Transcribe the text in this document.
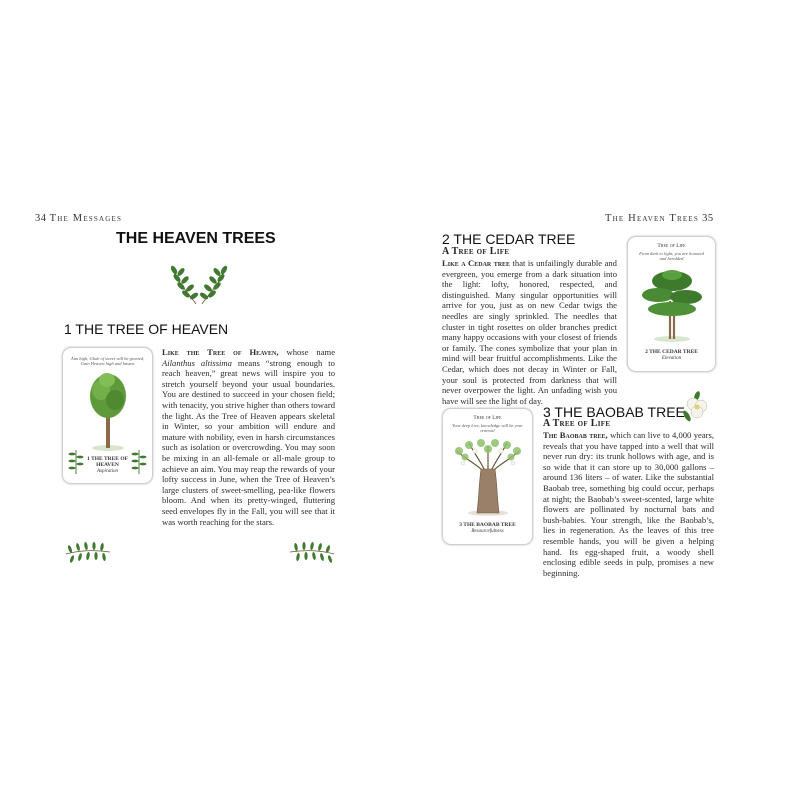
34 The Messages
THE HEAVEN TREES
1 THE TREE OF HEAVEN
Aim high, Glide of sweet will be greeted, Gain Heaven high and hasten
1 THE TREE OF HEAVEN
Aspiration
Like the Tree of Heaven, whose name Ailanthus altissima means “strong enough to reach heaven,” great news will inspire you to stretch yourself beyond your usual boundaries. You are destined to succeed in your chosen field; with tenacity, you strive higher than others toward the light. As the Tree of Heaven appears skeletal in Winter, so your ambition will endure and mature with nobility, even in harsh circumstances such as isolation or overcrowding. You may soon be mixing in an all-female or all-male group to achieve an aim. You may reap the rewards of your lofty success in June, when the Tree of Heaven’s large clusters of sweet-smelling, pea-like flowers bloom. And when its pretty-winged, fluttering seed envelopes fly in the Fall, you will see that it was worth reaching for the stars.
The Heaven Trees 35
2 THE CEDAR TREE
A Tree of Life
Like a Cedar tree that is unfailingly durable and evergreen, you emerge from a dark situation into the light: lofty, honored, respected, and distinguished. Many singular opportunities will arrive for you, just as on new Cedar twigs the needles are singly sprinkled. The needles that cluster in tight rosettes on older branches predict many happy occasions with your closest of friends or family. The cones symbolize that your plan in mind will bear fruitful accomplishments. Like the Cedar, which does not decay in Winter or Fall, your soul is protected from darkness that will never overpower the light. An unfading wish you have will see the light of day.
Tree of Life
From dark to light, you are honored and heralded
2 THE CEDAR TREE
Elevation
Tree of Life
Your deep love, knowledge will be your renewal
3 THE BAOBAB TREE
Resourcefulness
3 THE BAOBAB TREE
A Tree of Life
The Baobab tree, which can live to 4,000 years, reveals that you have tapped into a well that will never run dry: its trunk hollows with age, and is so wide that it can store up to 30,000 gallons – around 136 liters – of water. Like the substantial Baobab tree, something big could occur, perhaps at night; the Baobab’s sweet-scented, large white flowers are pollinated by nocturnal bats and bush-babies. Your strength, like the Baobab’s, lies in regeneration. As the leaves of this tree resemble hands, you will be given a helping hand. Its egg-shaped fruit, a woody shell enclosing edible seeds in pulp, promises a new beginning.
